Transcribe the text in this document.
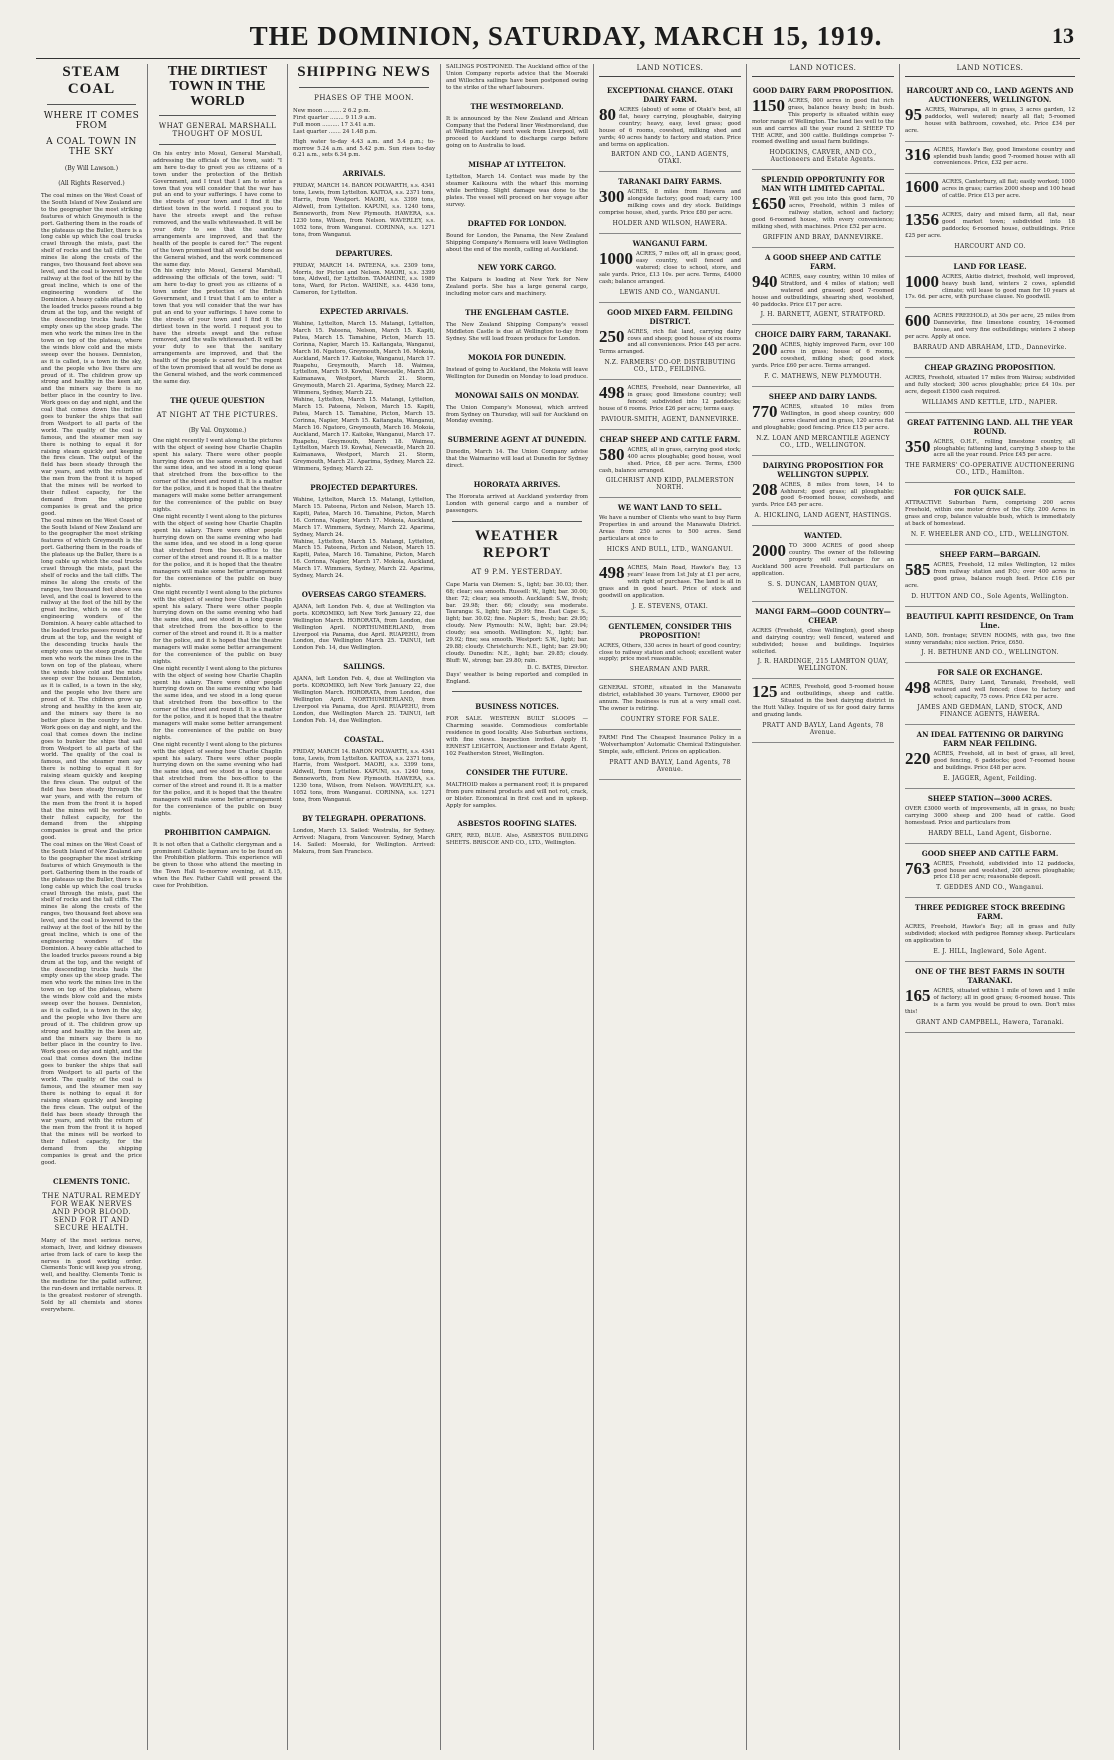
THE DOMINION, SATURDAY, MARCH 15, 1919.	13
STEAM COAL
WHERE IT COMES FROM
A COAL TOWN IN THE SKY
(By Will Lawson.)
(All Rights Reserved.)
The coal mines on the West Coast of the South Island of New Zealand are to the geographer the most striking features of which Greymouth is the port. Gathering them in the roads of the plateaus up the Buller, there is a long cable up which the coal trucks crawl through the mists, past the shelf of rocks and the tall cliffs. The mines lie along the crests of the ranges, two thousand feet above sea level, and the coal is lowered to the railway at the foot of the hill by the great incline, which is one of the engineering wonders of the Dominion. A heavy cable attached to the loaded trucks passes round a big drum at the top, and the weight of the descending trucks hauls the empty ones up the steep grade. The men who work the mines live in the town on top of the plateau, where the winds blow cold and the mists sweep over the houses. Denniston, as it is called, is a town in the sky, and the people who live there are proud of it. The children grow up strong and healthy in the keen air, and the miners say there is no better place in the country to live. Work goes on day and night, and the coal that comes down the incline goes to bunker the ships that sail from Westport to all parts of the world. The quality of the coal is famous, and the steamer men say there is nothing to equal it for raising steam quickly and keeping the fires clean. The output of the field has been steady through the war years, and with the return of the men from the front it is hoped that the mines will be worked to their fullest capacity, for the demand from the shipping companies is great and the price good.
The coal mines on the West Coast of the South Island of New Zealand are to the geographer the most striking features of which Greymouth is the port. Gathering them in the roads of the plateaus up the Buller, there is a long cable up which the coal trucks crawl through the mists, past the shelf of rocks and the tall cliffs. The mines lie along the crests of the ranges, two thousand feet above sea level, and the coal is lowered to the railway at the foot of the hill by the great incline, which is one of the engineering wonders of the Dominion. A heavy cable attached to the loaded trucks passes round a big drum at the top, and the weight of the descending trucks hauls the empty ones up the steep grade. The men who work the mines live in the town on top of the plateau, where the winds blow cold and the mists sweep over the houses. Denniston, as it is called, is a town in the sky, and the people who live there are proud of it. The children grow up strong and healthy in the keen air, and the miners say there is no better place in the country to live. Work goes on day and night, and the coal that comes down the incline goes to bunker the ships that sail from Westport to all parts of the world. The quality of the coal is famous, and the steamer men say there is nothing to equal it for raising steam quickly and keeping the fires clean. The output of the field has been steady through the war years, and with the return of the men from the front it is hoped that the mines will be worked to their fullest capacity, for the demand from the shipping companies is great and the price good.
The coal mines on the West Coast of the South Island of New Zealand are to the geographer the most striking features of which Greymouth is the port. Gathering them in the roads of the plateaus up the Buller, there is a long cable up which the coal trucks crawl through the mists, past the shelf of rocks and the tall cliffs. The mines lie along the crests of the ranges, two thousand feet above sea level, and the coal is lowered to the railway at the foot of the hill by the great incline, which is one of the engineering wonders of the Dominion. A heavy cable attached to the loaded trucks passes round a big drum at the top, and the weight of the descending trucks hauls the empty ones up the steep grade. The men who work the mines live in the town on top of the plateau, where the winds blow cold and the mists sweep over the houses. Denniston, as it is called, is a town in the sky, and the people who live there are proud of it. The children grow up strong and healthy in the keen air, and the miners say there is no better place in the country to live. Work goes on day and night, and the coal that comes down the incline goes to bunker the ships that sail from Westport to all parts of the world. The quality of the coal is famous, and the steamer men say there is nothing to equal it for raising steam quickly and keeping the fires clean. The output of the field has been steady through the war years, and with the return of the men from the front it is hoped that the mines will be worked to their fullest capacity, for the demand from the shipping companies is great and the price good.
CLEMENTS TONIC.
THE NATURAL REMEDY FOR WEAK NERVES AND POOR BLOOD. SEND FOR IT AND SECURE HEALTH.
Many of the most serious nerve, stomach, liver, and kidney diseases arise from lack of care to keep the nerves in good working order. Clements Tonic will keep you strong, well, and healthy. Clements Tonic is the medicine for the pallid sufferer, the run-down and irritable nerves. It is the greatest restorer of strength. Sold by all chemists and stores everywhere.
THE DIRTIEST TOWN IN THE WORLD
WHAT GENERAL MARSHALL THOUGHT OF MOSUL
On his entry into Mosul, General Marshall, addressing the officials of the town, said: "I am here to-day to greet you as citizens of a town under the protection of the British Government, and I trust that I am to enter a town that you will consider that the war has put an end to your sufferings. I have come to the streets of your town and I find it the dirtiest town in the world. I request you to have the streets swept and the refuse removed, and the walls whitewashed. It will be your duty to see that the sanitary arrangements are improved, and that the health of the people is cared for." The regent of the town promised that all would be done as the General wished, and the work commenced the same day.
On his entry into Mosul, General Marshall, addressing the officials of the town, said: "I am here to-day to greet you as citizens of a town under the protection of the British Government, and I trust that I am to enter a town that you will consider that the war has put an end to your sufferings. I have come to the streets of your town and I find it the dirtiest town in the world. I request you to have the streets swept and the refuse removed, and the walls whitewashed. It will be your duty to see that the sanitary arrangements are improved, and that the health of the people is cared for." The regent of the town promised that all would be done as the General wished, and the work commenced the same day.
THE QUEUE QUESTION
AT NIGHT AT THE PICTURES.
(By Val. Onyxome.)
One night recently I went along to the pictures with the object of seeing how Charlie Chaplin spent his salary. There were other people hurrying down on the same evening who had the same idea, and we stood in a long queue that stretched from the box-office to the corner of the street and round it. It is a matter for the police, and it is hoped that the theatre managers will make some better arrangement for the convenience of the public on busy nights.
One night recently I went along to the pictures with the object of seeing how Charlie Chaplin spent his salary. There were other people hurrying down on the same evening who had the same idea, and we stood in a long queue that stretched from the box-office to the corner of the street and round it. It is a matter for the police, and it is hoped that the theatre managers will make some better arrangement for the convenience of the public on busy nights.
One night recently I went along to the pictures with the object of seeing how Charlie Chaplin spent his salary. There were other people hurrying down on the same evening who had the same idea, and we stood in a long queue that stretched from the box-office to the corner of the street and round it. It is a matter for the police, and it is hoped that the theatre managers will make some better arrangement for the convenience of the public on busy nights.
One night recently I went along to the pictures with the object of seeing how Charlie Chaplin spent his salary. There were other people hurrying down on the same evening who had the same idea, and we stood in a long queue that stretched from the box-office to the corner of the street and round it. It is a matter for the police, and it is hoped that the theatre managers will make some better arrangement for the convenience of the public on busy nights.
One night recently I went along to the pictures with the object of seeing how Charlie Chaplin spent his salary. There were other people hurrying down on the same evening who had the same idea, and we stood in a long queue that stretched from the box-office to the corner of the street and round it. It is a matter for the police, and it is hoped that the theatre managers will make some better arrangement for the convenience of the public on busy nights.
PROHIBITION CAMPAIGN.
It is not often that a Catholic clergyman and a prominent Catholic layman are to be found on the Prohibition platform. This experience will be given to those who attend the meeting in the Town Hall to-morrow evening, at 8.15, when the Rev. Father Cahill will present the case for Prohibition.
SHIPPING NEWS
PHASES OF THE MOON.
New moon .......... 2 6.2 p.m.
First quarter ........ 9 11.9 a.m.
Full moon .......... 17 3.41 a.m.
Last quarter ....... 24 1.48 p.m.
High water to-day 4.43 a.m. and 5.4 p.m.; to-morrow 5.24 a.m. and 5.42 p.m. Sun rises to-day 6.21 a.m., sets 6.34 p.m.
ARRIVALS.
FRIDAY, MARCH 14. BARON POLWARTH, s.s. 4341 tons, Lewis, from Lyttelton. KAITOA, s.s. 2371 tons, Harris, from Westport. MAORI, s.s. 3399 tons, Aldwell, from Lyttelton. KAPUNI, s.s. 1240 tons, Benneworth, from New Plymouth. HAWERA, s.s. 1230 tons, Wilson, from Nelson. WAVERLEY, s.s. 1052 tons, from Wanganui. CORINNA, s.s. 1271 tons, from Wanganui.
DEPARTURES.
FRIDAY, MARCH 14. PATEENA, s.s. 2309 tons, Morris, for Picton and Nelson. MAORI, s.s. 3399 tons, Aldwell, for Lyttelton. TAMAHINE, s.s. 1989 tons, Ward, for Picton. WAHINE, s.s. 4436 tons, Cameron, for Lyttelton.
EXPECTED ARRIVALS.
Wahine, Lyttelton, March 15. Matangi, Lyttelton, March 15. Pateena, Nelson, March 15. Kapiti, Patea, March 15. Tamahine, Picton, March 15. Corinna, Napier, March 15. Kaitangata, Wanganui, March 16. Ngatoro, Greymouth, March 16. Mokoia, Auckland, March 17. Kaitoke, Wanganui, March 17. Ruapehu, Greymouth, March 18. Waimea, Lyttelton, March 19. Kowhai, Newcastle, March 20. Kaimanawa, Westport, March 21. Storm, Greymouth, March 21. Aparima, Sydney, March 22. Wimmera, Sydney, March 22.
Wahine, Lyttelton, March 15. Matangi, Lyttelton, March 15. Pateena, Nelson, March 15. Kapiti, Patea, March 15. Tamahine, Picton, March 15. Corinna, Napier, March 15. Kaitangata, Wanganui, March 16. Ngatoro, Greymouth, March 16. Mokoia, Auckland, March 17. Kaitoke, Wanganui, March 17. Ruapehu, Greymouth, March 18. Waimea, Lyttelton, March 19. Kowhai, Newcastle, March 20. Kaimanawa, Westport, March 21. Storm, Greymouth, March 21. Aparima, Sydney, March 22. Wimmera, Sydney, March 22.
PROJECTED DEPARTURES.
Wahine, Lyttelton, March 15. Matangi, Lyttelton, March 15. Pateena, Picton and Nelson, March 15. Kapiti, Patea, March 16. Tamahine, Picton, March 16. Corinna, Napier, March 17. Mokoia, Auckland, March 17. Wimmera, Sydney, March 22. Aparima, Sydney, March 24.
Wahine, Lyttelton, March 15. Matangi, Lyttelton, March 15. Pateena, Picton and Nelson, March 15. Kapiti, Patea, March 16. Tamahine, Picton, March 16. Corinna, Napier, March 17. Mokoia, Auckland, March 17. Wimmera, Sydney, March 22. Aparima, Sydney, March 24.
OVERSEAS CARGO STEAMERS.
AJANA, left London Feb. 4, due at Wellington via ports. KOROMIKO, left New York January 22, due Wellington March. HORORATA, from London, due Wellington April. NORTHUMBERLAND, from Liverpool via Panama, due April. RUAPEHU, from London, due Wellington March 25. TAINUI, left London Feb. 14, due Wellington.
SAILINGS.
AJANA, left London Feb. 4, due at Wellington via ports. KOROMIKO, left New York January 22, due Wellington March. HORORATA, from London, due Wellington April. NORTHUMBERLAND, from Liverpool via Panama, due April. RUAPEHU, from London, due Wellington March 25. TAINUI, left London Feb. 14, due Wellington.
COASTAL.
FRIDAY, MARCH 14. BARON POLWARTH, s.s. 4341 tons, Lewis, from Lyttelton. KAITOA, s.s. 2371 tons, Harris, from Westport. MAORI, s.s. 3399 tons, Aldwell, from Lyttelton. KAPUNI, s.s. 1240 tons, Benneworth, from New Plymouth. HAWERA, s.s. 1230 tons, Wilson, from Nelson. WAVERLEY, s.s. 1052 tons, from Wanganui. CORINNA, s.s. 1271 tons, from Wanganui.
BY TELEGRAPH. OPERATIONS.
London, March 13. Sailed: Westralia, for Sydney. Arrived: Niagara, from Vancouver. Sydney, March 14. Sailed: Moeraki, for Wellington. Arrived: Makura, from San Francisco.
SAILINGS POSTPONED. The Auckland office of the Union Company reports advice that the Moeraki and Willochra sailings have been postponed owing to the strike of the wharf labourers.
THE WESTMORELAND.
It is announced by the New Zealand and African Company that the Federal liner Westmoreland, due at Wellington early next week from Liverpool, will proceed to Auckland to discharge cargo before going on to Australia to load.
MISHAP AT LYTTELTON.
Lyttelton, March 14. Contact was made by the steamer Kaikoura with the wharf this morning while berthing. Slight damage was done to the plates. The vessel will proceed on her voyage after survey.
DRAFTED FOR LONDON.
Bound for London, the Panama, the New Zealand Shipping Company's Remuera will leave Wellington about the end of the month, calling at Auckland.
NEW YORK CARGO.
The Kaipara is loading at New York for New Zealand ports. She has a large general cargo, including motor cars and machinery.
THE ENGLEHAM CASTLE.
The New Zealand Shipping Company's vessel Middleton Castle is due at Wellington to-day from Sydney. She will load frozen produce for London.
MOKOIA FOR DUNEDIN.
Instead of going to Auckland, the Mokoia will leave Wellington for Dunedin on Monday to load produce.
MONOWAI SAILS ON MONDAY.
The Union Company's Monowai, which arrived from Sydney on Thursday, will sail for Auckland on Monday evening.
SUBMERINE AGENT AT DUNEDIN.
Dunedin, March 14. The Union Company advise that the Waimarino will load at Dunedin for Sydney direct.
HORORATA ARRIVES.
The Hororata arrived at Auckland yesterday from London with general cargo and a number of passengers.
WEATHER REPORT
AT 9 P.M. YESTERDAY.
Cape Maria van Diemen: S., light; bar. 30.03; ther. 68; clear; sea smooth. Russell: W., light; bar. 30.00; ther. 72; clear; sea smooth. Auckland: S.W., fresh; bar. 29.98; ther. 66; cloudy; sea moderate. Tauranga: S., light; bar. 29.99; fine. East Cape: S., light; bar. 30.02; fine. Napier: S., fresh; bar. 29.95; cloudy. New Plymouth: N.W., light; bar. 29.94; cloudy; sea smooth. Wellington: N., light; bar. 29.92; fine; sea smooth. Westport: S.W., light; bar. 29.88; cloudy. Christchurch: N.E., light; bar. 29.90; cloudy. Dunedin: N.E., light; bar. 29.85; cloudy. Bluff: W., strong; bar. 29.80; rain.
D. C. BATES, Director.
Days' weather is being reported and compiled in England.
BUSINESS NOTICES.
FOR SALE. WESTERN BUILT SLOOPS — Charming seaside. Commodious comfortable residence in good locality. Also Suburban sections, with fine views. Inspection invited. Apply H. ERNEST LEIGHTON, Auctioneer and Estate Agent, 102 Featherston Street, Wellington.
CONSIDER THE FUTURE.
MALTHOID makes a permanent roof; it is prepared from pure mineral products and will not rot, crack, or blister. Economical in first cost and in upkeep. Apply for samples.
ASBESTOS ROOFING SLATES.
GREY, RED, BLUE. Also, ASBESTOS BUILDING SHEETS. BRISCOE AND CO., LTD., Wellington.
LAND NOTICES.
EXCEPTIONAL CHANCE. OTAKI DAIRY FARM.
80 ACRES (about) of some of Otaki's best, all flat, heavy carrying, ploughable, dairying country; heavy, easy, level grass; good house of 6 rooms, cowshed, milking shed and yards; 40 acres handy to factory and station. Price and terms on application.
BARTON AND CO., LAND AGENTS, OTAKI.
TARANAKI DAIRY FARMS.
300 ACRES, 8 miles from Hawera and alongside factory; good road; carry 100 milking cows and dry stock. Buildings comprise house, shed, yards. Price £80 per acre.
HOLDER AND WILSON, HAWERA.
WANGANUI FARM.
1000 ACRES, 7 miles off, all in grass; good, easy country, well fenced and watered; close to school, store, and sale yards. Price, £13 10s. per acre. Terms, £4000 cash; balance arranged.
LEWIS AND CO., WANGANUI.
GOOD MIXED FARM. FEILDING DISTRICT.
250 ACRES, rich flat land, carrying dairy cows and sheep; good house of six rooms and all conveniences. Price £45 per acre. Terms arranged.
N.Z. FARMERS' CO-OP. DISTRIBUTING CO., LTD., FEILDING.
498 ACRES, Freehold, near Dannevirke, all in grass; good limestone country; well fenced; subdivided into 12 paddocks; house of 6 rooms. Price £26 per acre; terms easy.
PAVIOUR-SMITH, AGENT, DANNEVIRKE.
CHEAP SHEEP AND CATTLE FARM.
580 ACRES, all in grass, carrying good stock; 400 acres ploughable; good house, wool shed. Price, £8 per acre. Terms, £500 cash, balance arranged.
GILCHRIST AND KIDD, PALMERSTON NORTH.
WE WANT LAND TO SELL.
We have a number of Clients who want to buy Farm Properties in and around the Manawatu District. Areas from 250 acres to 500 acres. Send particulars at once to
HICKS AND BULL, LTD., WANGANUI.
498 ACRES, Main Road, Hawke's Bay, 13 years' lease from 1st July at £1 per acre, with right of purchase. The land is all in grass and in good heart. Price of stock and goodwill on application.
J. E. STEVENS, OTAKI.
GENTLEMEN, CONSIDER THIS PROPOSITION!
ACRES, Others, 330 acres in heart of good country; close to railway station and school; excellent water supply; price most reasonable.
SHEARMAN AND PARR.
GENERAL STORE, situated in the Manawatu district, established 30 years. Turnover, £9000 per annum. The business is run at a very small cost. The owner is retiring.
COUNTRY STORE FOR SALE.
FARM! Find The Cheapest Insurance Policy in a 'Wolverhampton' Automatic Chemical Extinguisher. Simple, safe, efficient. Prices on application.
PRATT AND BAYLY, Land Agents, 78 Avenue.
LAND NOTICES.
GOOD DAIRY FARM PROPOSITION.
1150 ACRES, 800 acres in good flat rich grass, balance heavy bush; in bush. This property is situated within easy motor range of Wellington. The land lies well to the sun and carries all the year round 2 SHEEP TO THE ACRE, and 300 cattle. Buildings comprise 7-roomed dwelling and usual farm buildings.
HODGKINS, CARVER, AND CO., Auctioneers and Estate Agents.
SPLENDID OPPORTUNITY FOR MAN WITH LIMITED CAPITAL.
£650 Will get you into this good farm, 70 acres, Freehold, within 3 miles of railway station, school and factory; good 6-roomed house, with every convenience; milking shed, with machines. Price £52 per acre.
GRIFFIN AND BRAY, DANNEVIRKE.
A GOOD SHEEP AND CATTLE FARM.
940 ACRES, easy country, within 10 miles of Stratford, and 4 miles of station; well watered and grassed; good 7-roomed house and outbuildings, shearing shed, woolshed, 40 paddocks. Price £17 per acre.
J. H. BARNETT, AGENT, STRATFORD.
CHOICE DAIRY FARM, TARANAKI.
200 ACRES, highly improved Farm, over 100 acres in grass; house of 6 rooms, cowshed, milking shed; good stock yards. Price £60 per acre. Terms arranged.
F. C. MATHEWS, NEW PLYMOUTH.
SHEEP AND DAIRY LANDS.
770 ACRES, situated 10 miles from Wellington, in good sheep country; 600 acres cleared and in grass, 120 acres flat and ploughable; good fencing. Price £15 per acre.
N.Z. LOAN AND MERCANTILE AGENCY CO., LTD., WELLINGTON.
DAIRYING PROPOSITION FOR WELLINGTON SUPPLY.
208 ACRES, 8 miles from town, 14 to Ashhurst; good grass; all ploughable; good 6-roomed house, cowsheds, and yards. Price £45 per acre.
A. HICKLING, LAND AGENT, HASTINGS.
WANTED.
2000 TO 3000 ACRES of good sheep country. The owner of the following property will exchange for an Auckland 500 acre Freehold. Full particulars on application.
S. S. DUNCAN, LAMBTON QUAY, WELLINGTON.
MANGI FARM—GOOD COUNTRY—CHEAP.
ACRES (Freehold, close Wellington), good sheep and dairying country; well fenced, watered and subdivided; house and buildings. Inquiries solicited.
J. R. HARDINGE, 215 LAMBTON QUAY, WELLINGTON.
125 ACRES, Freehold, good 5-roomed house and outbuildings, sheep and cattle. Situated in the best dairying district in the Hutt Valley. Inquire of us for good dairy farms and grazing lands.
PRATT AND BAYLY, Land Agents, 78 Avenue.
LAND NOTICES.
HARCOURT AND CO., LAND AGENTS AND AUCTIONEERS, WELLINGTON.
95 ACRES, Wairarapa, all in grass, 3 acres garden, 12 paddocks, well watered; nearly all flat; 5-roomed house with bathroom, cowshed, etc. Price £34 per acre.
316 ACRES, Hawke's Bay, good limestone country and splendid bush lands; good 7-roomed house with all conveniences. Price, £32 per acre.
1600 ACRES, Canterbury, all flat; easily worked; 1000 acres in grass; carries 2000 sheep and 100 head of cattle. Price £13 per acre.
1356 ACRES, dairy and mixed farm, all flat, near good market town; subdivided into 18 paddocks; 6-roomed house, outbuildings. Price £25 per acre.
HARCOURT AND CO.
LAND FOR LEASE.
1000 ACRES, Akitio district, freehold, well improved, heavy bush land, winters 2 cows, splendid climate; will lease to good man for 10 years at 17s. 6d. per acre, with purchase clause. No goodwill.
600 ACRES FREEHOLD, at 30s per acre, 25 miles from Dannevirke, fine limestone country, 14-roomed house, and very fine outbuildings; winters 2 sheep per acre. Apply at once.
BARRAUD AND ABRAHAM, LTD., Dannevirke.
CHEAP GRAZING PROPOSITION.
ACRES, Freehold, situated 17 miles from Wairoa; subdivided and fully stocked; 300 acres ploughable; price £4 10s. per acre, deposit £1500 cash required.
WILLIAMS AND KETTLE, LTD., NAPIER.
GREAT FATTENING LAND. ALL THE YEAR ROUND.
350 ACRES, O.H.F., rolling limestone country, all ploughable; fattening land, carrying 5 sheep to the acre all the year round. Price £45 per acre.
THE FARMERS' CO-OPERATIVE AUCTIONEERING CO., LTD., Hamilton.
FOR QUICK SALE.
ATTRACTIVE Suburban Farm, comprising 200 acres Freehold, within one motor drive of the City. 200 Acres in grass and crop, balance valuable bush, which is immediately at back of homestead.
N. F. WHEELER AND CO., LTD., WELLINGTON.
SHEEP FARM—BARGAIN.
585 ACRES, Freehold, 12 miles Wellington, 12 miles from railway station and P.O.; over 400 acres in good grass, balance rough feed. Price £16 per acre.
D. HUTTON AND CO., Sole Agents, Wellington.
BEAUTIFUL KAPITI RESIDENCE, On Tram Line.
LAND, 50ft. frontage; SEVEN ROOMS, with gas, two fine sunny verandahs; nice section. Price, £650.
J. H. BETHUNE AND CO., WELLINGTON.
FOR SALE OR EXCHANGE.
498 ACRES, Dairy Land, Taranaki, Freehold, well watered and well fenced; close to factory and school; capacity, 75 cows. Price £42 per acre.
JAMES AND GEDMAN, LAND, STOCK, AND FINANCE AGENTS, HAWERA.
AN IDEAL FATTENING OR DAIRYING FARM NEAR FEILDING.
220 ACRES, Freehold, all in best of grass, all level, good fencing, 6 paddocks; good 7-roomed house and buildings. Price £48 per acre.
E. JAGGER, Agent, Feilding.
SHEEP STATION—3000 ACRES.
OVER £3000 worth of improvements, all in grass, no bush; carrying 3000 sheep and 200 head of cattle. Good homestead. Price and particulars from
HARDY BELL, Land Agent, Gisborne.
GOOD SHEEP AND CATTLE FARM.
763 ACRES, Freehold, subdivided into 12 paddocks, good house and woolshed, 200 acres ploughable; price £18 per acre; reasonable deposit.
T. GEDDES AND CO., Wanganui.
THREE PEDIGREE STOCK BREEDING FARM.
ACRES, Freehold, Hawke's Bay; all in grass and fully subdivided; stocked with pedigree Romney sheep. Particulars on application to
E. J. HILL, Ingleward, Sole Agent.
ONE OF THE BEST FARMS IN SOUTH TARANAKI.
165 ACRES, situated within 1 mile of town and 1 mile of factory; all in good grass; 6-roomed house. This is a farm you would be proud to own. Don't miss this!
GRANT AND CAMPBELL, Hawera, Taranaki.
